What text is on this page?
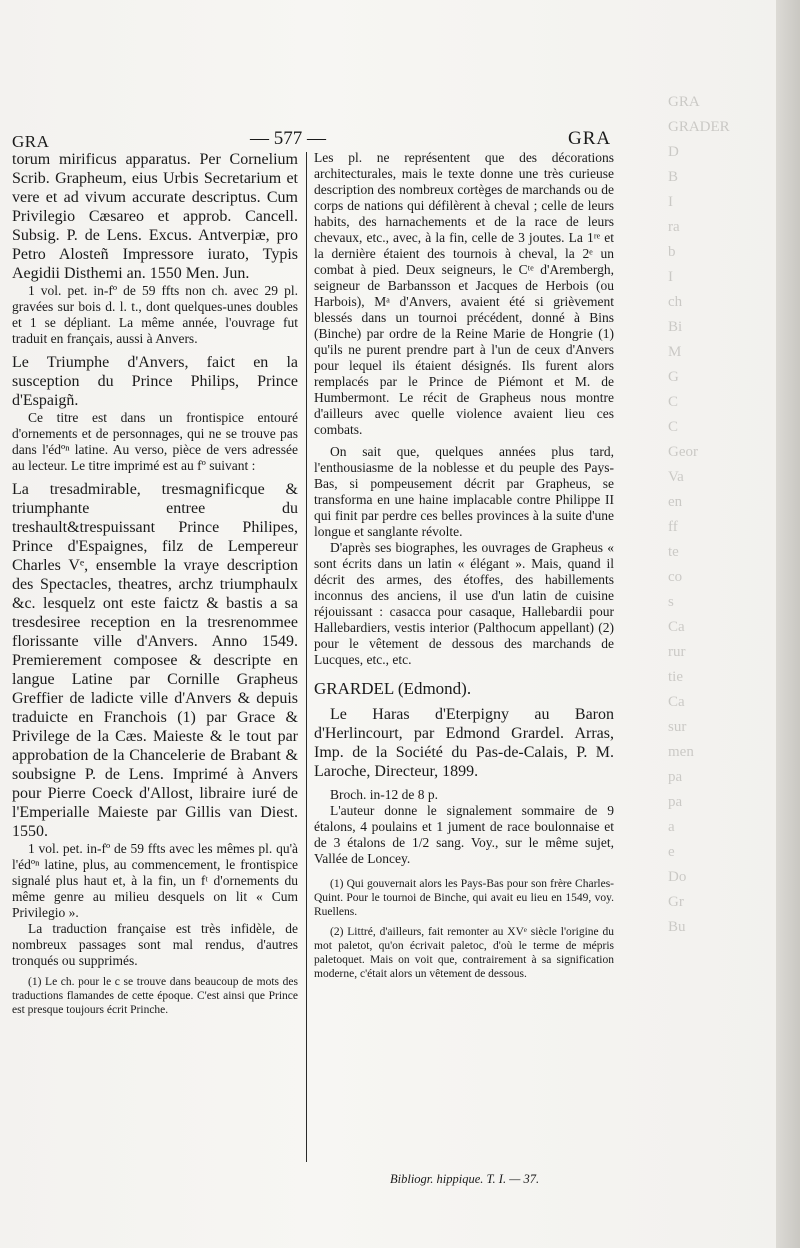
GRA
GRADER
D
B
I
ra
b
I
ch
Bi
M
G
C
C
Geor
Va
en
ff
te
co
s
Ca
rur
tie
Ca
sur
men
pa
pa
a
e
Do
Gr
Bu
GRA	— 577 —	GRA

torum mirificus apparatus. Per Cornelium Scrib. Grapheum, eius Urbis Secretarium et vere et ad vivum accurate descriptus. Cum Privilegio Cæsareo et approb. Cancell. Subsig. P. de Lens. Excus. Antverpiæ, pro Petro Alosteñ Impressore iurato, Typis Aegidii Disthemi an. 1550 Men. Jun.

1 vol. pet. in-fº de 59 ffts non ch. avec 29 pl. gravées sur bois d. l. t., dont quelques-unes doubles et 1 se dépliant. La même année, l'ouvrage fut traduit en français, aussi à Anvers.

Le Triumphe d'Anvers, faict en la susception du Prince Philips, Prince d'Espaigñ.

Ce titre est dans un frontispice entouré d'ornements et de personnages, qui ne se trouve pas dans l'édºⁿ latine. Au verso, pièce de vers adressée au lecteur. Le titre imprimé est au fº suivant :

La tresadmirable, tresmagnificque & triumphante entree du treshault&trespuissant Prince Philipes, Prince d'Espaignes, filz de Lempereur Charles Vᵉ, ensemble la vraye description des Spectacles, theatres, archz triumphaulx &c. lesquelz ont este faictz & bastis a sa tresdesiree reception en la tresrenommee florissante ville d'Anvers. Anno 1549. Premierement composee & descripte en langue Latine par Cornille Grapheus Greffier de ladicte ville d'Anvers & depuis traduicte en Franchois (1) par Grace & Privilege de la Cæs. Maieste & le tout par approbation de la Chancelerie de Brabant & soubsigne P. de Lens. Imprimé à Anvers pour Pierre Coeck d'Allost, libraire iuré de l'Emperialle Maieste par Gillis van Diest. 1550.

1 vol. pet. in-fº de 59 ffts avec les mêmes pl. qu'à l'édºⁿ latine, plus, au commencement, le frontispice signalé plus haut et, à la fin, un fᵗ d'ornements du même genre au milieu desquels on lit « Cum Privilegio ».

La traduction française est très infidèle, de nombreux passages sont mal rendus, d'autres tronqués ou supprimés.

(1) Le ch. pour le c se trouve dans beaucoup de mots des traductions flamandes de cette époque. C'est ainsi que Prince est presque toujours écrit Princhе.

Les pl. ne représentent que des décorations architecturales, mais le texte donne une très curieuse description des nombreux cortèges de marchands ou de corps de nations qui défilèrent à cheval ; celle de leurs habits, des harnachements et de la race de leurs chevaux, etc., avec, à la fin, celle de 3 joutes. La 1ʳᵉ et la dernière étaient des tournois à cheval, la 2ᵉ un combat à pied. Deux seigneurs, le Cᵗᵉ d'Arembergh, seigneur de Barbansson et Jacques de Herbois (ou Harbois), Mᵃ d'Anvers, avaient été si grièvement blessés dans un tournoi précédent, donné à Bins (Binche) par ordre de la Reine Marie de Hongrie (1) qu'ils ne purent prendre part à l'un de ceux d'Anvers pour lequel ils étaient désignés. Ils furent alors remplacés par le Prince de Piémont et M. de Humbermont. Le récit de Grapheus nous montre d'ailleurs avec quelle violence avaient lieu ces combats.

On sait que, quelques années plus tard, l'enthousiasme de la noblesse et du peuple des Pays-Bas, si pompeusement décrit par Grapheus, se transforma en une haine implacable contre Philippe II qui finit par perdre ces belles provinces à la suite d'une longue et sanglante révolte.

D'après ses biographes, les ouvrages de Grapheus « sont écrits dans un latin « élégant ». Mais, quand il décrit des armes, des étoffes, des habillements inconnus des anciens, il use d'un latin de cuisine réjouissant : casacca pour casaque, Hallebardii pour Hallebardiers, vestis interior (Palthocum appellant) (2) pour le vêtement de dessous des marchands de Lucques, etc., etc.

GRARDEL (Edmond).

Le Haras d'Eterpigny au Baron d'Herlincourt, par Edmond Grardel. Arras, Imp. de la Société du Pas-de-Calais, P. M. Laroche, Directeur, 1899.

Broch. in-12 de 8 p.

L'auteur donne le signalement sommaire de 9 étalons, 4 poulains et 1 jument de race boulonnaise et de 3 étalons de 1/2 sang. Voy., sur le même sujet, Vallée de Loncey.

(1) Qui gouvernait alors les Pays-Bas pour son frère Charles-Quint. Pour le tournoi de Binche, qui avait eu lieu en 1549, voy. Ruellens.

(2) Littré, d'ailleurs, fait remonter au XVᵉ siècle l'origine du mot paletot, qu'on écrivait paletoc, d'où le terme de mépris paletoquet. Mais on voit que, contrairement à sa signification moderne, c'était alors un vêtement de dessous.

Bibliogr. hippique. T. I. — 37.
